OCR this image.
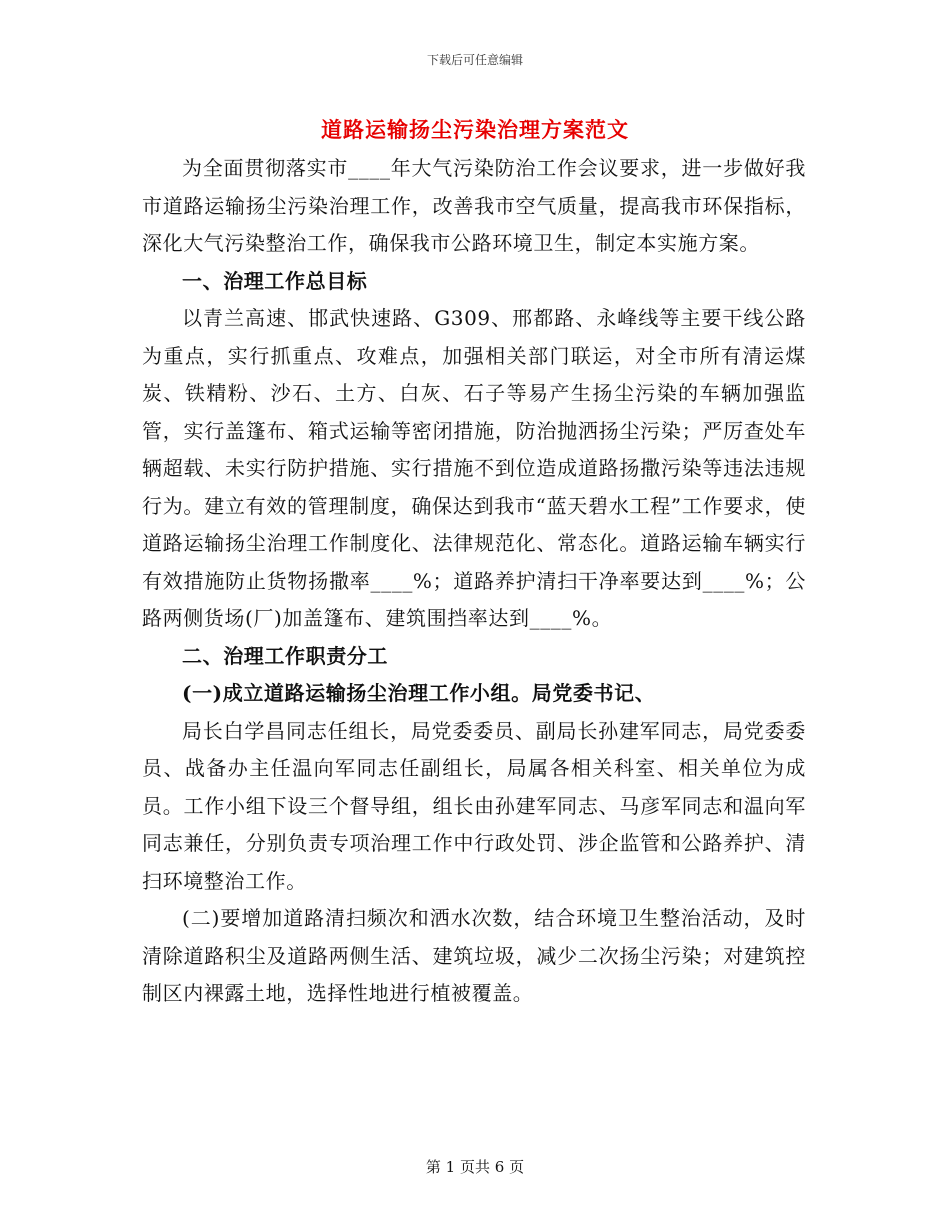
下载后可任意编辑
道路运输扬尘污染治理方案范文

为全面贯彻落实市____年大气污染防治工作会议要求，进一步做好我市道路运输扬尘污染治理工作，改善我市空气质量，提高我市环保指标，深化大气污染整治工作，确保我市公路环境卫生，制定本实施方案。

一、治理工作总目标

以青兰高速、邯武快速路、G309、邢都路、永峰线等主要干线公路为重点，实行抓重点、攻难点，加强相关部门联运，对全市所有清运煤炭、铁精粉、沙石、土方、白灰、石子等易产生扬尘污染的车辆加强监管，实行盖篷布、箱式运输等密闭措施，防治抛洒扬尘污染；严厉查处车辆超载、未实行防护措施、实行措施不到位造成道路扬撒污染等违法违规行为。建立有效的管理制度，确保达到我市“蓝天碧水工程”工作要求，使道路运输扬尘治理工作制度化、法律规范化、常态化。道路运输车辆实行有效措施防止货物扬撒率____%；道路养护清扫干净率要达到____%；公路两侧货场(厂)加盖篷布、建筑围挡率达到____%。

二、治理工作职责分工

(一)成立道路运输扬尘治理工作小组。局党委书记、

局长白学昌同志任组长，局党委委员、副局长孙建军同志，局党委委员、战备办主任温向军同志任副组长，局属各相关科室、相关单位为成员。工作小组下设三个督导组，组长由孙建军同志、马彦军同志和温向军同志兼任，分别负责专项治理工作中行政处罚、涉企监管和公路养护、清扫环境整治工作。

(二)要增加道路清扫频次和洒水次数，结合环境卫生整治活动，及时清除道路积尘及道路两侧生活、建筑垃圾，减少二次扬尘污染；对建筑控制区内裸露土地，选择性地进行植被覆盖。

第 1 页共 6 页
